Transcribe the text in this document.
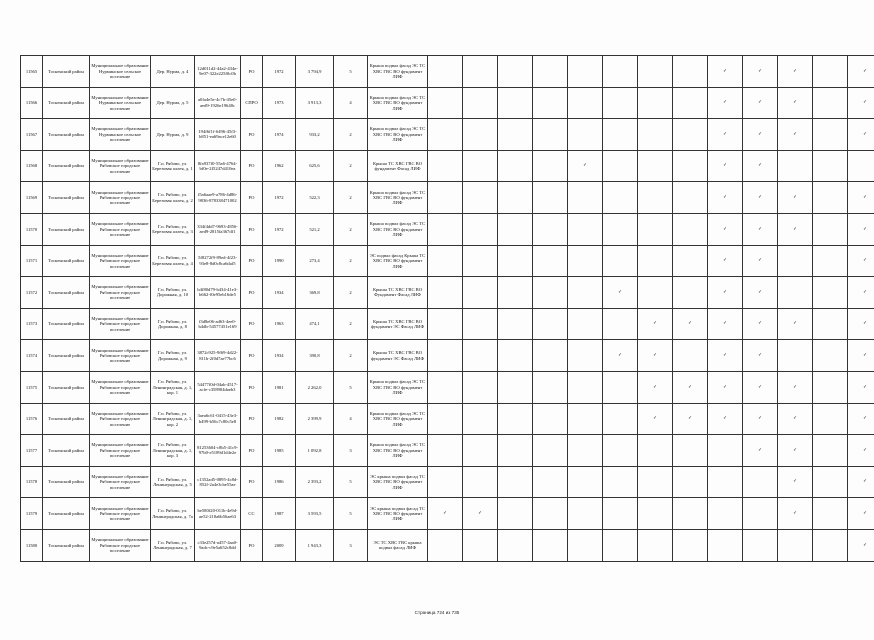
11565	Тосненский район	Муниципальное образование Нурминское сельское поселение	Дер. Нурма, д. 4	12d011d2-44a2-434e-9e07-322e225f0c0b	РО	1972	3 794,9	5	Крыша подвал фасад ЭС ТС ХВС ГВС ВО фундамент ЛИФ									✓	✓	✓		✓	
11566	Тосненский район	Муниципальное образование Нурминское сельское поселение	Дер. Нурма, д. 5	a0fa4e5e-4c7b-45e0-aed9-1926e19648c	СПРО	1973	3 913,3	4	Крыша подвал фасад ЭС ТС ХВС ГВС ВО фундамент ЛИФ									✓	✓	✓		✓	
11567	Тосненский район	Муниципальное образование Нурминское сельское поселение	Дер. Нурма, д. 9	194f6f1f-6496-45f3-b851-ea69ace12e60	РО	1974	933,2	2	Крыша подвал фасад ЭС ТС ХВС ГВС ВО фундамент ЛИФ									✓	✓	✓		✓	
11568	Тосненский район	Муниципальное образование Рябовское городское поселение	Г.п. Рябово, ул. Березовая аллея, д. 1	8fa937f0-55a6-4764-bf0e-2f5247d410ea	РО	1962	625,6	2	Крыша ТС ХВС ГВС ВО фундамент Фасад ЛИФ					✓				✓	✓				
11569	Тосненский район	Муниципальное образование Рябовское городское поселение	Г.п. Рябово, ул. Березовая аллея, д. 2	f5a6aae9-a786-4d86-9836-878338471002	РО	1972	522,3	2	Крыша подвал фасад ЭС ТС ХВС ГВС ВО фундамент ЛИФ									✓	✓	✓		✓	
11570	Тосненский район	Муниципальное образование Рябовское городское поселение	Г.п. Рябово, ул. Березовая аллея, д. 3	334f4dd7-9693-4856-aed9-2815fa367df1	РО	1972	521,2	2	Крыша подвал фасад ЭС ТС ХВС ГВС ВО фундамент ЛИФ									✓	✓	✓		✓	
11571	Тосненский район	Муниципальное образование Рябовское городское поселение	Г.п. Рябово, ул. Березовая аллея, д. 4	5f8272f9-89ed-4f23-93e8-8d0c8ca6daf5	РО	1990	273,4	2	ЭС подвал фасад Крыша ТС ХВС ГВС ВО фундамент ЛИФ									✓	✓			✓	
11572	Тосненский район	Муниципальное образование Рябовское городское поселение	Г.п. Рябово, ул. Дорожная, д. 10	b4f80d79-b434-41e3-b662-f0e95eb16de5	РО	1934	369,8	2	Крыша ТС ХВС ГВС ВО Фундамент Фасад ЛИФ						✓			✓	✓			✓	
11573	Тосненский район	Муниципальное образование Рябовское городское поселение	Г.п. Рябово, ул. Дорожная, д. 8	f3d8e06-ad63-4ee0-b4db-54577451e169	РО	1963	474,1	2	Крыша ТС ХВС ГВС ВО фундамент ЭС Фасад ЛИФ							✓	✓	✓	✓	✓		✓	
11574	Тосненский район	Муниципальное образование Рябовское городское поселение	Г.п. Рябово, ул. Дорожная, д. 9	3872c925-9f69-4d22-811b-2f0d7ae77bc6	РО	1934	390,8	2	Крыша ТС ХВС ГВС ВО фундамент ЭС Фасад ЛИФ						✓	✓		✓	✓			✓	
11575	Тосненский район	Муниципальное образование Рябовское городское поселение	Г.п. Рябово, ул. Ленинградская, д. 1, кор. 1	54477f0d-04ab-4517-acfe-c358904daeb3	РО	1981	2 262,0	5	Крыша подвал фасад ЭС ТС ХВС ГВС ВО фундамент ЛИФ							✓	✓	✓	✓	✓		✓	
11576	Тосненский район	Муниципальное образование Рябовское городское поселение	Г.п. Рябово, ул. Ленинградская, д. 1, кор. 2	3aea6c61-0415-43e3-b499-b56c7c80c5e8	РО	1982	2 399,9	4	Крыша подвал фасад ЭС ТС ХВС ГВС ВО фундамент ЛИФ							✓	✓	✓	✓	✓		✓	
11577	Тосненский район	Муниципальное образование Рябовское городское поселение	Г.п. Рябово, ул. Ленинградская, д. 1, кор. 3	81253604-c8b5-41c9-97b0-e5189d1d4e2e	РО	1985	1 092,8	3	Крыша подвал фасад ЭС ТС ХВС ГВС ВО фундамент ЛИФ										✓	✓		✓	
11578	Тосненский район	Муниципальное образование Рябовское городское поселение	Г.п. Рябово, ул. Ленинградская, д. 5	c1352ad5-0895-4c8d-852f-2a4e3cbe55ae	РО	1986	2 393,2	5	ЭС крыша подвал фасад ТС ХВС ГВС ВО фундамент ЛИФ											✓		✓	
11579	Тосненский район	Муниципальное образование Рябовское городское поселение	Г.п. Рябово, ул. Ленинградская, д. 7а	be580f20-011b-4e9d-ae52-218a6b56ae63	СС	1987	3 593,5	5	ЭС крыша подвал фасад ТС ХВС ГВС ВО фундамент ЛИФ	✓	✓									✓		✓	
11580	Тосненский район	Муниципальное образование Рябовское городское поселение	Г.п. Рябово, ул. Ленинградская, д. 7	c33e257d-a457-4aa0-9adc-c9e5a652c8dd	РО	2009	1 943,3	3	ЭС ТС ХВС ГВС крыша подвал фасад ЛИФ													✓	
Страница 724 из 735
